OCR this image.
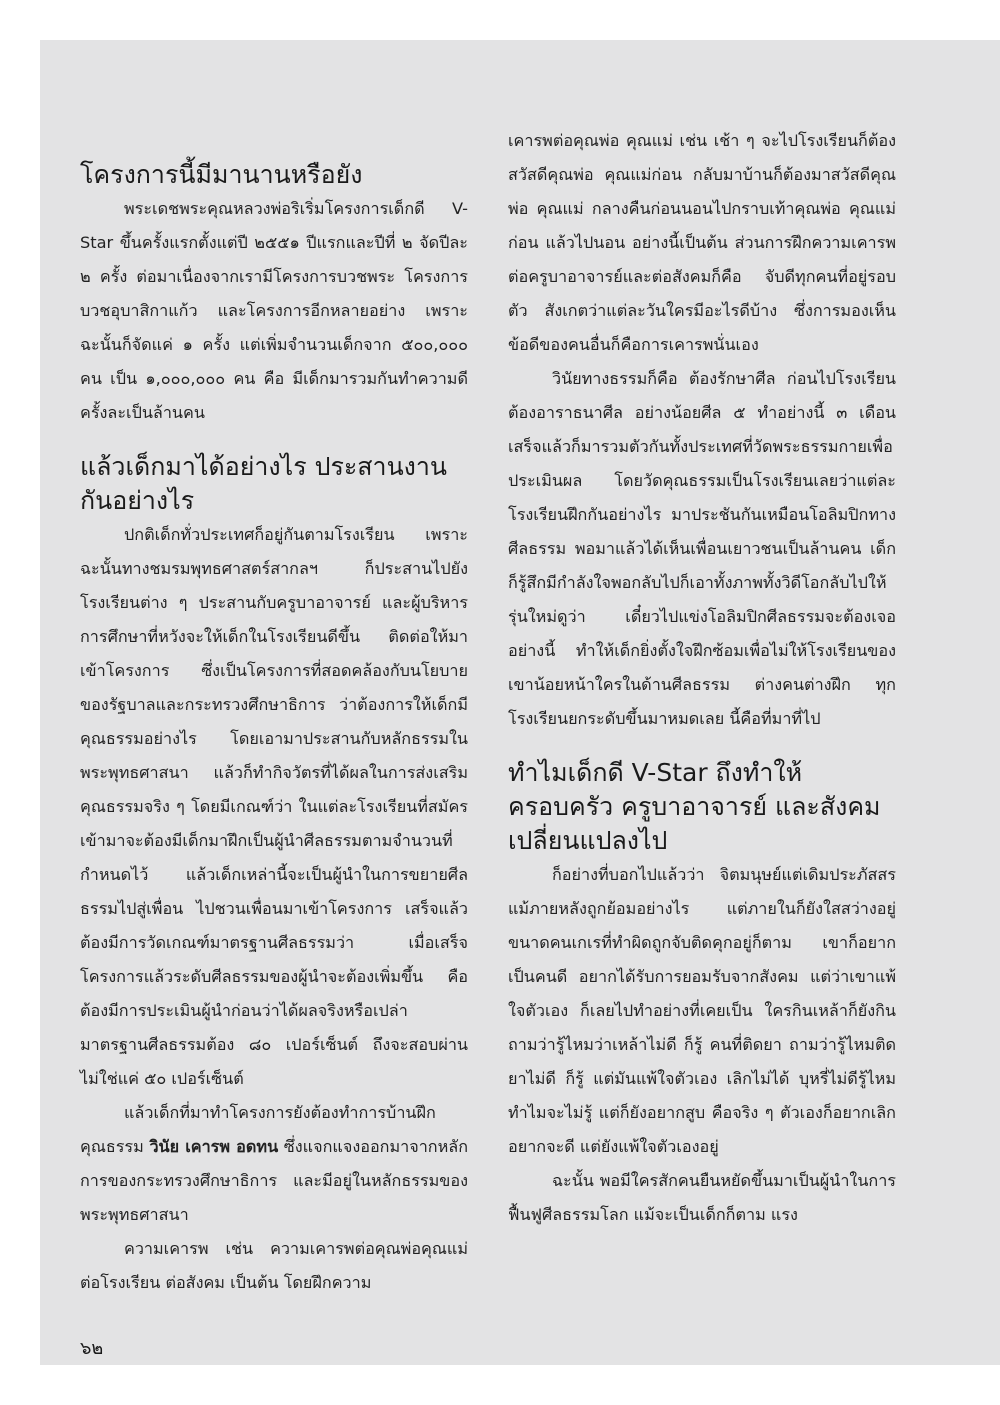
โครงการนี้มีมานานหรือยัง

พระเดชพระคุณหลวงพ่อริเริ่มโครงการเด็กดี V-Star ขึ้นครั้งแรกตั้งแต่ปี ๒๕๕๑ ปีแรกและปีที่ ๒ จัดปีละ ๒ ครั้ง ต่อมาเนื่องจากเรามีโครงการบวชพระ โครงการบวชอุบาสิกาแก้ว และโครงการอีกหลายอย่าง เพราะฉะนั้นก็จัดแค่ ๑ ครั้ง แต่เพิ่มจำนวนเด็กจาก ๕๐๐,๐๐๐ คน เป็น ๑,๐๐๐,๐๐๐ คน คือ มีเด็กมารวมกันทำความดีครั้งละเป็นล้านคน

แล้วเด็กมาได้อย่างไร ประสานงานกันอย่างไร

ปกติเด็กทั่วประเทศก็อยู่กันตามโรงเรียน เพราะฉะนั้นทางชมรมพุทธศาสตร์สากลฯ ก็ประสานไปยังโรงเรียนต่าง ๆ ประสานกับครูบาอาจารย์ และผู้บริหารการศึกษาที่หวังจะให้เด็กในโรงเรียนดีขึ้น ติดต่อให้มาเข้าโครงการ ซึ่งเป็นโครงการที่สอดคล้องกับนโยบายของรัฐบาลและกระทรวงศึกษาธิการ ว่าต้องการให้เด็กมีคุณธรรมอย่างไร โดยเอามาประสานกับหลักธรรมในพระพุทธศาสนา แล้วก็ทำกิจวัตรที่ได้ผลในการส่งเสริมคุณธรรมจริง ๆ โดยมีเกณฑ์ว่า ในแต่ละโรงเรียนที่สมัครเข้ามาจะต้องมีเด็กมาฝึกเป็นผู้นำศีลธรรมตามจำนวนที่กำหนดไว้ แล้วเด็กเหล่านี้จะเป็นผู้นำในการขยายศีลธรรมไปสู่เพื่อน ไปชวนเพื่อนมาเข้าโครงการ เสร็จแล้วต้องมีการวัดเกณฑ์มาตรฐานศีลธรรมว่า เมื่อเสร็จโครงการแล้วระดับศีลธรรมของผู้นำจะต้องเพิ่มขึ้น คือ ต้องมีการประเมินผู้นำก่อนว่าได้ผลจริงหรือเปล่า มาตรฐานศีลธรรมต้อง ๘๐ เปอร์เซ็นต์ ถึงจะสอบผ่าน ไม่ใช่แค่ ๕๐ เปอร์เซ็นต์

แล้วเด็กที่มาทำโครงการยังต้องทำการบ้านฝึกคุณธรรม วินัย เคารพ อดทน ซึ่งแจกแจงออกมาจากหลักการของกระทรวงศึกษาธิการ และมีอยู่ในหลักธรรมของพระพุทธศาสนา

ความเคารพ เช่น ความเคารพต่อคุณพ่อคุณแม่ ต่อโรงเรียน ต่อสังคม เป็นต้น โดยฝึกความ

เคารพต่อคุณพ่อ คุณแม่ เช่น เช้า ๆ จะไปโรงเรียนก็ต้องสวัสดีคุณพ่อ คุณแม่ก่อน กลับมาบ้านก็ต้องมาสวัสดีคุณพ่อ คุณแม่ กลางคืนก่อนนอนไปกราบเท้าคุณพ่อ คุณแม่ก่อน แล้วไปนอน อย่างนี้เป็นต้น ส่วนการฝึกความเคารพต่อครูบาอาจารย์และต่อสังคมก็คือ จับดีทุกคนที่อยู่รอบตัว สังเกตว่าแต่ละวันใครมีอะไรดีบ้าง ซึ่งการมองเห็นข้อดีของคนอื่นก็คือการเคารพนั่นเอง

วินัยทางธรรมก็คือ ต้องรักษาศีล ก่อนไปโรงเรียนต้องอาราธนาศีล อย่างน้อยศีล ๕ ทำอย่างนี้ ๓ เดือน เสร็จแล้วก็มารวมตัวกันทั้งประเทศที่วัดพระธรรมกายเพื่อประเมินผล โดยวัดคุณธรรมเป็นโรงเรียนเลยว่าแต่ละโรงเรียนฝึกกันอย่างไร มาประชันกันเหมือนโอลิมปิกทางศีลธรรม พอมาแล้วได้เห็นเพื่อนเยาวชนเป็นล้านคน เด็กก็รู้สึกมีกำลังใจพอกลับไปก็เอาทั้งภาพทั้งวิดีโอกลับไปให้รุ่นใหม่ดูว่า เดี๋ยวไปแข่งโอลิมปิกศีลธรรมจะต้องเจออย่างนี้ ทำให้เด็กยิ่งตั้งใจฝึกซ้อมเพื่อไม่ให้โรงเรียนของเขาน้อยหน้าใครในด้านศีลธรรม ต่างคนต่างฝึก ทุกโรงเรียนยกระดับขึ้นมาหมดเลย นี้คือที่มาที่ไป

ทำไมเด็กดี V-Star ถึงทำให้ครอบครัว ครูบาอาจารย์ และสังคมเปลี่ยนแปลงไป

ก็อย่างที่บอกไปแล้วว่า จิตมนุษย์แต่เดิมประภัสสร แม้ภายหลังถูกย้อมอย่างไร แต่ภายในก็ยังใสสว่างอยู่ ขนาดคนเกเรที่ทำผิดถูกจับติดคุกอยู่ก็ตาม เขาก็อยากเป็นคนดี อยากได้รับการยอมรับจากสังคม แต่ว่าเขาแพ้ใจตัวเอง ก็เลยไปทำอย่างที่เคยเป็น ใครกินเหล้าก็ยังกิน ถามว่ารู้ไหมว่าเหล้าไม่ดี ก็รู้ คนที่ติดยา ถามว่ารู้ไหมติดยาไม่ดี ก็รู้ แต่มันแพ้ใจตัวเอง เลิกไม่ได้ บุหรี่ไม่ดีรู้ไหม ทำไมจะไม่รู้ แต่ก็ยังอยากสูบ คือจริง ๆ ตัวเองก็อยากเลิก อยากจะดี แต่ยังแพ้ใจตัวเองอยู่

ฉะนั้น พอมีใครสักคนยืนหยัดขึ้นมาเป็นผู้นำในการฟื้นฟูศีลธรรมโลก แม้จะเป็นเด็กก็ตาม แรง

๖๒
